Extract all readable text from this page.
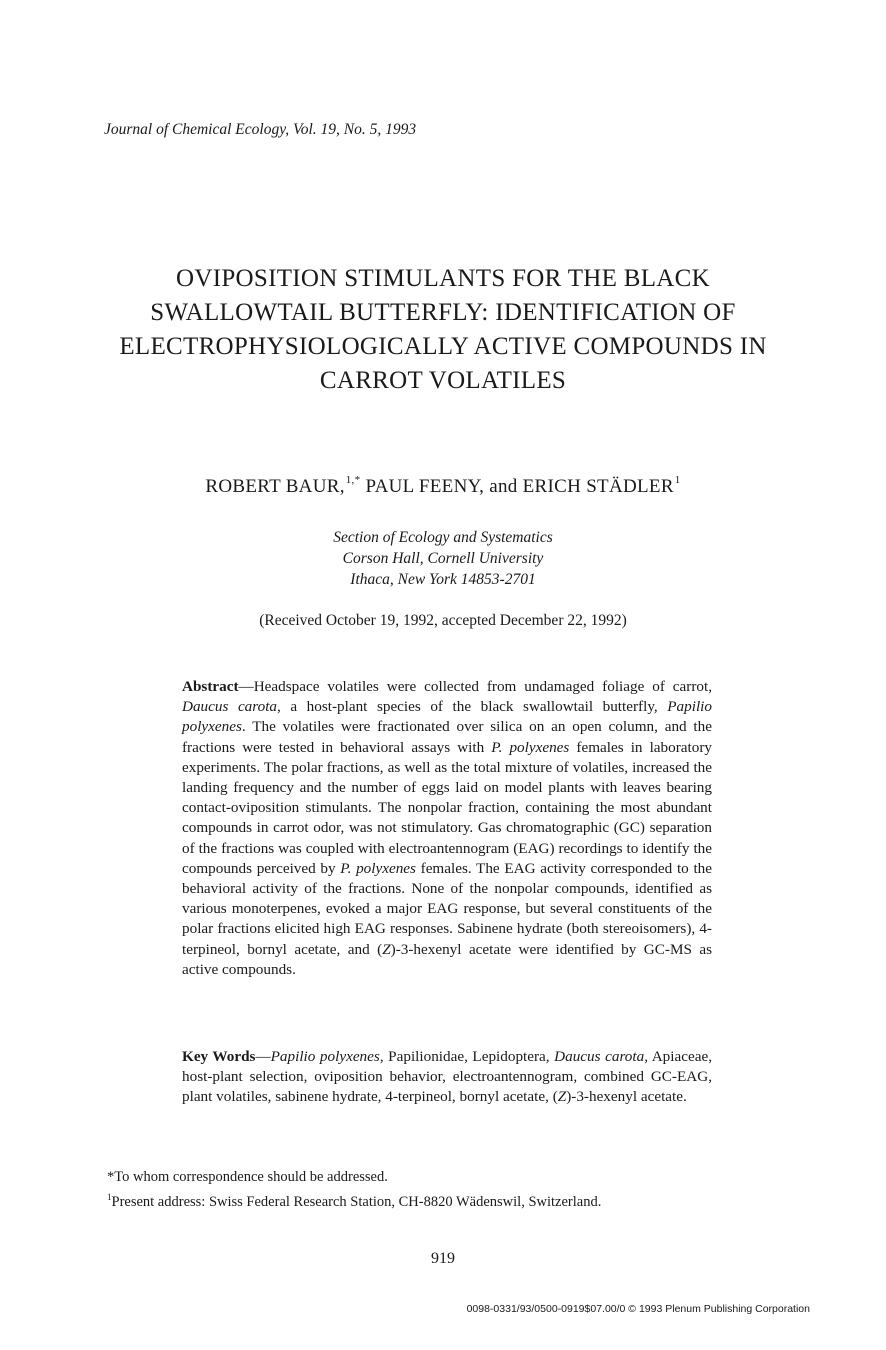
Journal of Chemical Ecology, Vol. 19, No. 5, 1993
OVIPOSITION STIMULANTS FOR THE BLACK
SWALLOWTAIL BUTTERFLY: IDENTIFICATION OF
ELECTROPHYSIOLOGICALLY ACTIVE COMPOUNDS IN
CARROT VOLATILES
ROBERT BAUR,$^{1,*}$ PAUL FEENY, and ERICH STÄDLER$^1$
Section of Ecology and Systematics
Corson Hall, Cornell University
Ithaca, New York 14853-2701
(Received October 19, 1992, accepted December 22, 1992)
Abstract—Headspace volatiles were collected from undamaged foliage of carrot, Daucus carota, a host-plant species of the black swallowtail butterfly, Papilio polyxenes. The volatiles were fractionated over silica on an open column, and the fractions were tested in behavioral assays with P. polyxenes females in laboratory experiments. The polar fractions, as well as the total mixture of volatiles, increased the landing frequency and the number of eggs laid on model plants with leaves bearing contact-oviposition stimulants. The nonpolar fraction, containing the most abundant compounds in carrot odor, was not stimulatory. Gas chromatographic (GC) separation of the fractions was coupled with electroantennogram (EAG) recordings to identify the compounds perceived by P. polyxenes females. The EAG activity corresponded to the behavioral activity of the fractions. None of the nonpolar compounds, identified as various monoterpenes, evoked a major EAG response, but several constituents of the polar fractions elicited high EAG responses. Sabinene hydrate (both stereoisomers), 4-terpineol, bornyl acetate, and (Z)-3-hexenyl acetate were identified by GC-MS as active compounds.
Key Words—Papilio polyxenes, Papilionidae, Lepidoptera, Daucus carota, Apiaceae, host-plant selection, oviposition behavior, electroantennogram, combined GC-EAG, plant volatiles, sabinene hydrate, 4-terpineol, bornyl acetate, (Z)-3-hexenyl acetate.
*To whom correspondence should be addressed.
$^1$Present address: Swiss Federal Research Station, CH-8820 Wädenswil, Switzerland.
919
0098-0331/93/0500-0919$07.00/0 © 1993 Plenum Publishing Corporation
